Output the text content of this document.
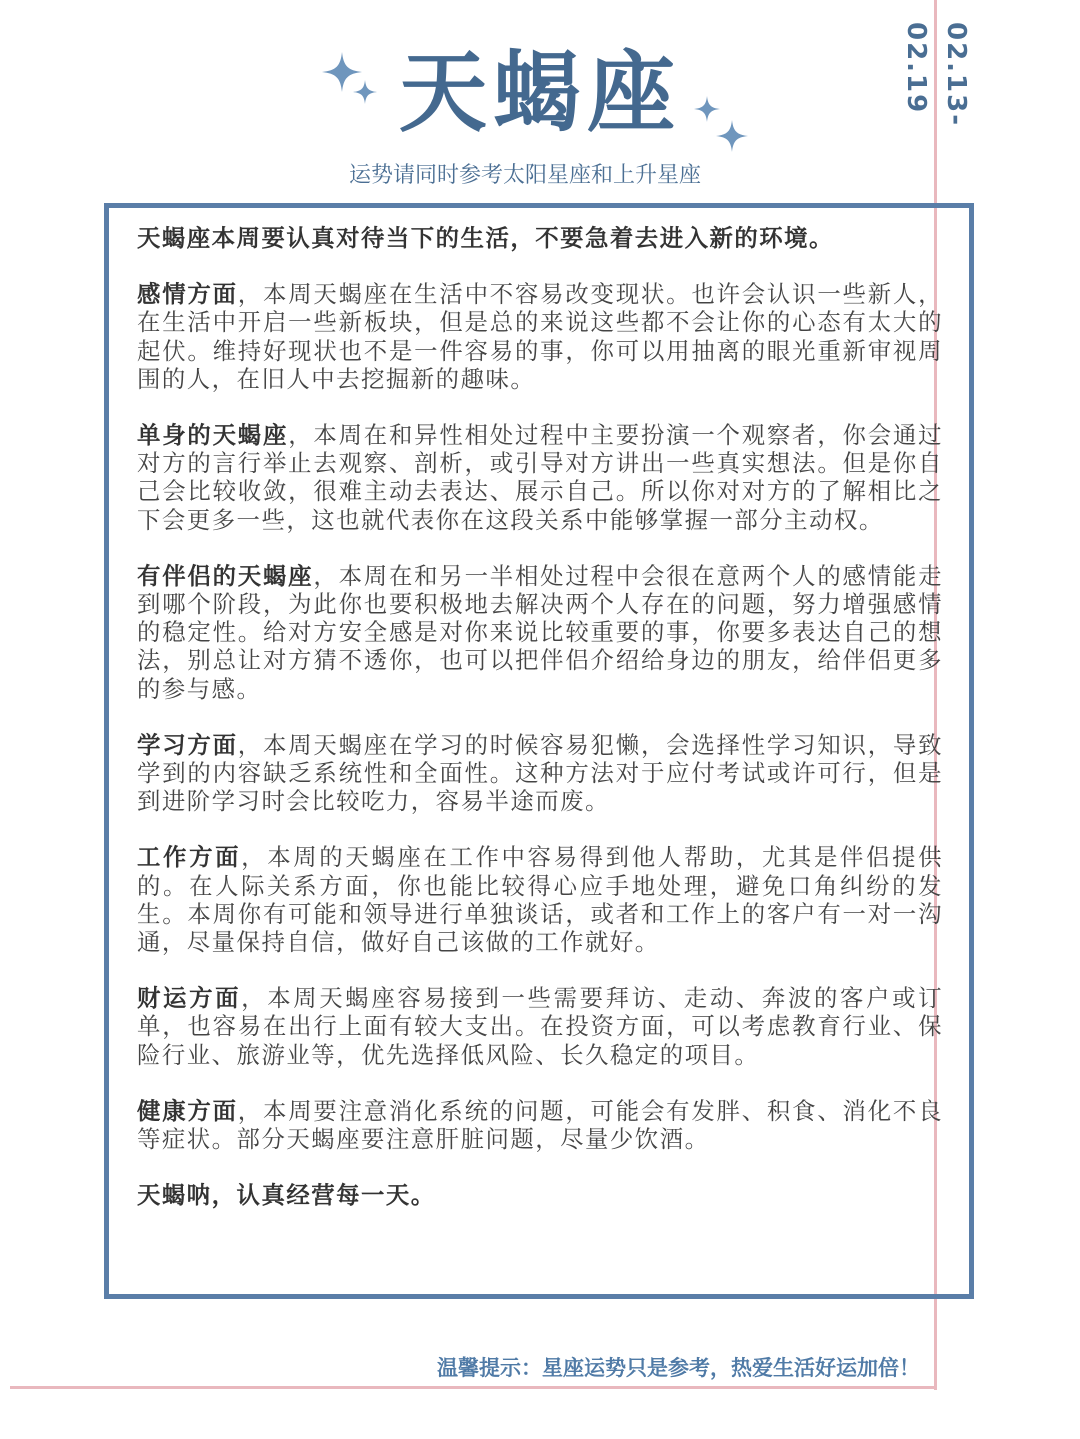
02.13-02.19
天蝎座
运势请同时参考太阳星座和上升星座

天蝎座本周要认真对待当下的生活，不要急着去进入新的环境。

感情方面，本周天蝎座在生活中不容易改变现状。也许会认识一些新人，在生活中开启一些新板块，但是总的来说这些都不会让你的心态有太大的起伏。维持好现状也不是一件容易的事，你可以用抽离的眼光重新审视周围的人，在旧人中去挖掘新的趣味。

单身的天蝎座，本周在和异性相处过程中主要扮演一个观察者，你会通过对方的言行举止去观察、剖析，或引导对方讲出一些真实想法。但是你自己会比较收敛，很难主动去表达、展示自己。所以你对对方的了解相比之下会更多一些，这也就代表你在这段关系中能够掌握一部分主动权。

有伴侣的天蝎座，本周在和另一半相处过程中会很在意两个人的感情能走到哪个阶段，为此你也要积极地去解决两个人存在的问题，努力增强感情的稳定性。给对方安全感是对你来说比较重要的事，你要多表达自己的想法，别总让对方猜不透你，也可以把伴侣介绍给身边的朋友，给伴侣更多的参与感。

学习方面，本周天蝎座在学习的时候容易犯懒，会选择性学习知识，导致学到的内容缺乏系统性和全面性。这种方法对于应付考试或许可行，但是到进阶学习时会比较吃力，容易半途而废。

工作方面，本周的天蝎座在工作中容易得到他人帮助，尤其是伴侣提供的。在人际关系方面，你也能比较得心应手地处理，避免口角纠纷的发生。本周你有可能和领导进行单独谈话，或者和工作上的客户有一对一沟通，尽量保持自信，做好自己该做的工作就好。

财运方面，本周天蝎座容易接到一些需要拜访、走动、奔波的客户或订单，也容易在出行上面有较大支出。在投资方面，可以考虑教育行业、保险行业、旅游业等，优先选择低风险、长久稳定的项目。

健康方面，本周要注意消化系统的问题，可能会有发胖、积食、消化不良等症状。部分天蝎座要注意肝脏问题，尽量少饮酒。

天蝎呐，认真经营每一天。

温馨提示：星座运势只是参考，热爱生活好运加倍！
